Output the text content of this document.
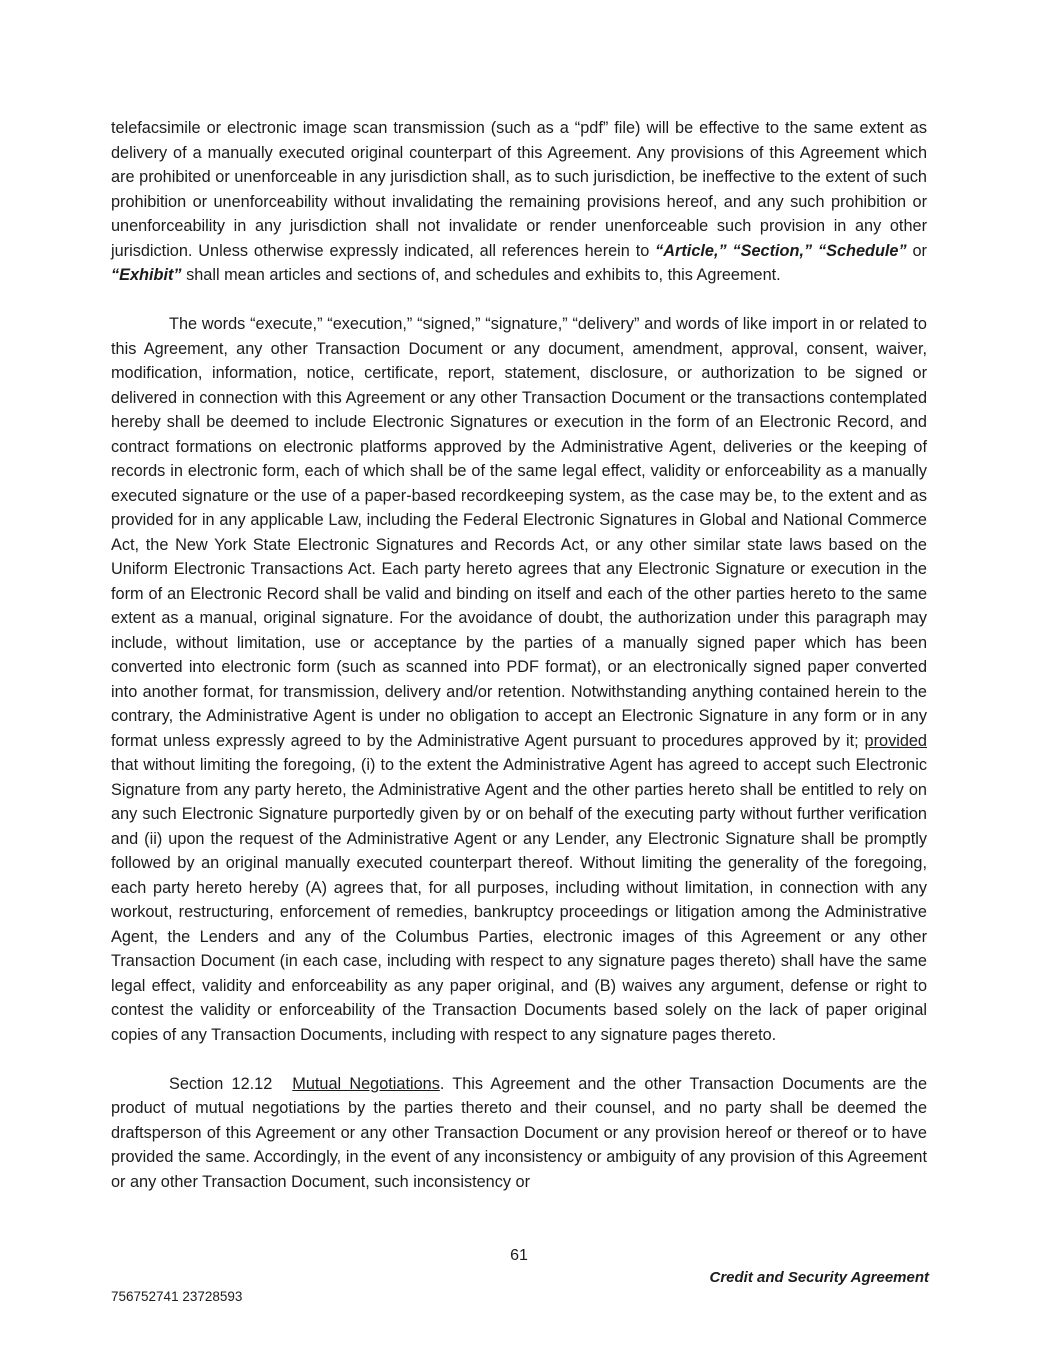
telefacsimile or electronic image scan transmission (such as a “pdf” file) will be effective to the same extent as delivery of a manually executed original counterpart of this Agreement. Any provisions of this Agreement which are prohibited or unenforceable in any jurisdiction shall, as to such jurisdiction, be ineffective to the extent of such prohibition or unenforceability without invalidating the remaining provisions hereof, and any such prohibition or unenforceability in any jurisdiction shall not invalidate or render unenforceable such provision in any other jurisdiction. Unless otherwise expressly indicated, all references herein to “Article,” “Section,” “Schedule” or “Exhibit” shall mean articles and sections of, and schedules and exhibits to, this Agreement.

The words “execute,” “execution,” “signed,” “signature,” “delivery” and words of like import in or related to this Agreement, any other Transaction Document or any document, amendment, approval, consent, waiver, modification, information, notice, certificate, report, statement, disclosure, or authorization to be signed or delivered in connection with this Agreement or any other Transaction Document or the transactions contemplated hereby shall be deemed to include Electronic Signatures or execution in the form of an Electronic Record, and contract formations on electronic platforms approved by the Administrative Agent, deliveries or the keeping of records in electronic form, each of which shall be of the same legal effect, validity or enforceability as a manually executed signature or the use of a paper-based recordkeeping system, as the case may be, to the extent and as provided for in any applicable Law, including the Federal Electronic Signatures in Global and National Commerce Act, the New York State Electronic Signatures and Records Act, or any other similar state laws based on the Uniform Electronic Transactions Act. Each party hereto agrees that any Electronic Signature or execution in the form of an Electronic Record shall be valid and binding on itself and each of the other parties hereto to the same extent as a manual, original signature. For the avoidance of doubt, the authorization under this paragraph may include, without limitation, use or acceptance by the parties of a manually signed paper which has been converted into electronic form (such as scanned into PDF format), or an electronically signed paper converted into another format, for transmission, delivery and/or retention. Notwithstanding anything contained herein to the contrary, the Administrative Agent is under no obligation to accept an Electronic Signature in any form or in any format unless expressly agreed to by the Administrative Agent pursuant to procedures approved by it; provided that without limiting the foregoing, (i) to the extent the Administrative Agent has agreed to accept such Electronic Signature from any party hereto, the Administrative Agent and the other parties hereto shall be entitled to rely on any such Electronic Signature purportedly given by or on behalf of the executing party without further verification and (ii) upon the request of the Administrative Agent or any Lender, any Electronic Signature shall be promptly followed by an original manually executed counterpart thereof. Without limiting the generality of the foregoing, each party hereto hereby (A) agrees that, for all purposes, including without limitation, in connection with any workout, restructuring, enforcement of remedies, bankruptcy proceedings or litigation among the Administrative Agent, the Lenders and any of the Columbus Parties, electronic images of this Agreement or any other Transaction Document (in each case, including with respect to any signature pages thereto) shall have the same legal effect, validity and enforceability as any paper original, and (B) waives any argument, defense or right to contest the validity or enforceability of the Transaction Documents based solely on the lack of paper original copies of any Transaction Documents, including with respect to any signature pages thereto.

Section 12.12 Mutual Negotiations. This Agreement and the other Transaction Documents are the product of mutual negotiations by the parties thereto and their counsel, and no party shall be deemed the draftsperson of this Agreement or any other Transaction Document or any provision hereof or thereof or to have provided the same. Accordingly, in the event of any inconsistency or ambiguity of any provision of this Agreement or any other Transaction Document, such inconsistency or

61
Credit and Security Agreement
756752741 23728593
